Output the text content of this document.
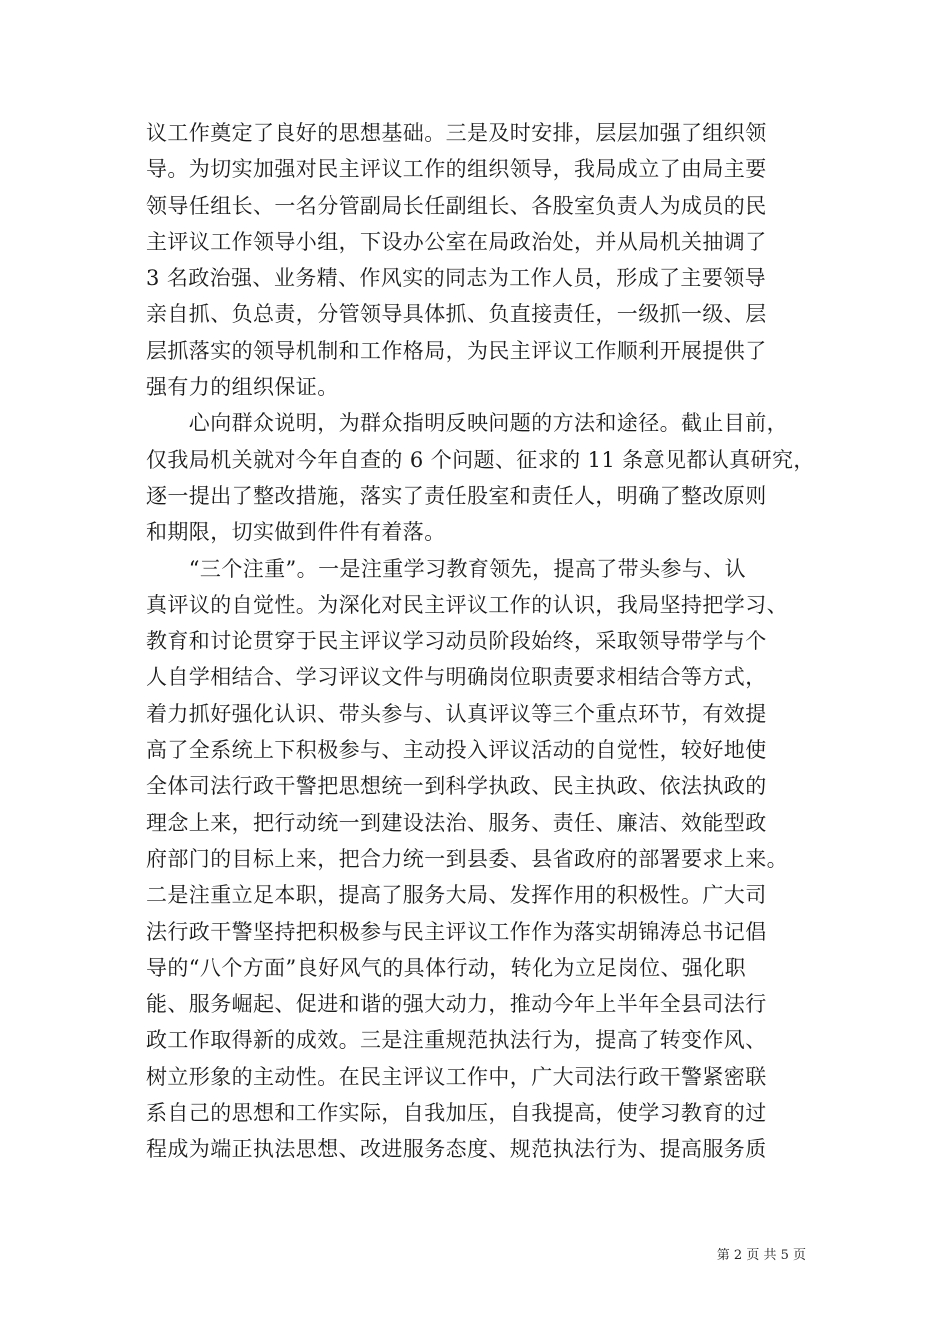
议工作奠定了良好的思想基础。三是及时安排，层层加强了组织领
导。为切实加强对民主评议工作的组织领导，我局成立了由局主要
领导任组长、一名分管副局长任副组长、各股室负责人为成员的民
主评议工作领导小组，下设办公室在局政治处，并从局机关抽调了
3 名政治强、业务精、作风实的同志为工作人员，形成了主要领导
亲自抓、负总责，分管领导具体抓、负直接责任，一级抓一级、层
层抓落实的领导机制和工作格局，为民主评议工作顺利开展提供了
强有力的组织保证。
　　心向群众说明，为群众指明反映问题的方法和途径。截止目前，
仅我局机关就对今年自查的 6 个问题、征求的 11 条意见都认真研究，
逐一提出了整改措施，落实了责任股室和责任人，明确了整改原则
和期限，切实做到件件有着落。
　　“三个注重”。一是注重学习教育领先，提高了带头参与、认
真评议的自觉性。为深化对民主评议工作的认识，我局坚持把学习、
教育和讨论贯穿于民主评议学习动员阶段始终，采取领导带学与个
人自学相结合、学习评议文件与明确岗位职责要求相结合等方式，
着力抓好强化认识、带头参与、认真评议等三个重点环节，有效提
高了全系统上下积极参与、主动投入评议活动的自觉性，较好地使
全体司法行政干警把思想统一到科学执政、民主执政、依法执政的
理念上来，把行动统一到建设法治、服务、责任、廉洁、效能型政
府部门的目标上来，把合力统一到县委、县省政府的部署要求上来。
二是注重立足本职，提高了服务大局、发挥作用的积极性。广大司
法行政干警坚持把积极参与民主评议工作作为落实胡锦涛总书记倡
导的“八个方面”良好风气的具体行动，转化为立足岗位、强化职
能、服务崛起、促进和谐的强大动力，推动今年上半年全县司法行
政工作取得新的成效。三是注重规范执法行为，提高了转变作风、
树立形象的主动性。在民主评议工作中，广大司法行政干警紧密联
系自己的思想和工作实际，自我加压，自我提高，使学习教育的过
程成为端正执法思想、改进服务态度、规范执法行为、提高服务质
第 2 页 共 5 页
